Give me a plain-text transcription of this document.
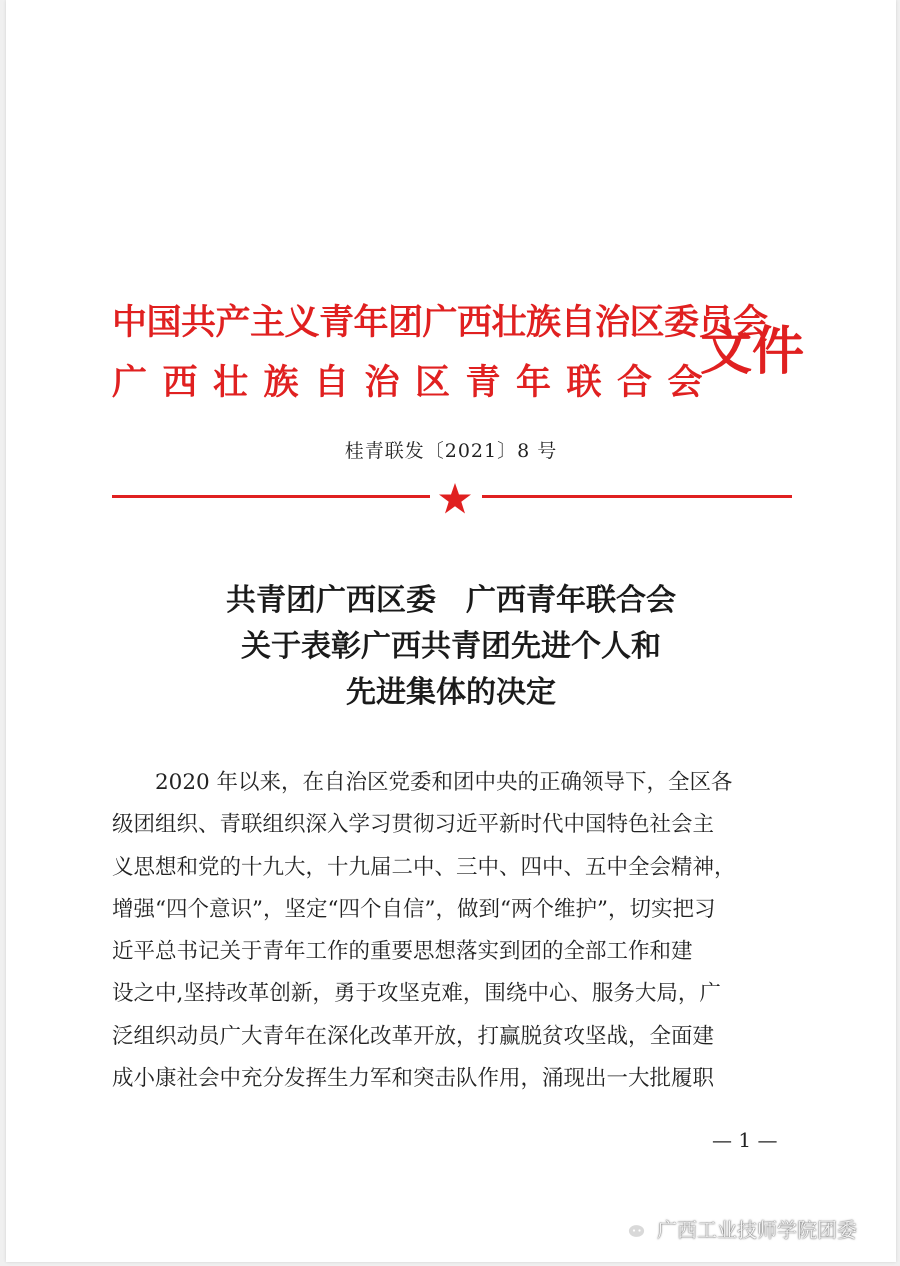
中国共产主义青年团广西壮族自治区委员会
广西壮族自治区青年联合会
文件
桂青联发〔2021〕8 号
共青团广西区委　广西青年联合会
关于表彰广西共青团先进个人和
先进集体的决定
　　2020 年以来，在自治区党委和团中央的正确领导下，全区各
级团组织、青联组织深入学习贯彻习近平新时代中国特色社会主
义思想和党的十九大，十九届二中、三中、四中、五中全会精神，
增强“四个意识”，坚定“四个自信”，做到“两个维护”，切实把习
近平总书记关于青年工作的重要思想落实到团的全部工作和建
设之中,坚持改革创新，勇于攻坚克难，围绕中心、服务大局，广
泛组织动员广大青年在深化改革开放，打赢脱贫攻坚战，全面建
成小康社会中充分发挥生力军和突击队作用，涌现出一大批履职
— 1 —
广西工业技师学院团委
